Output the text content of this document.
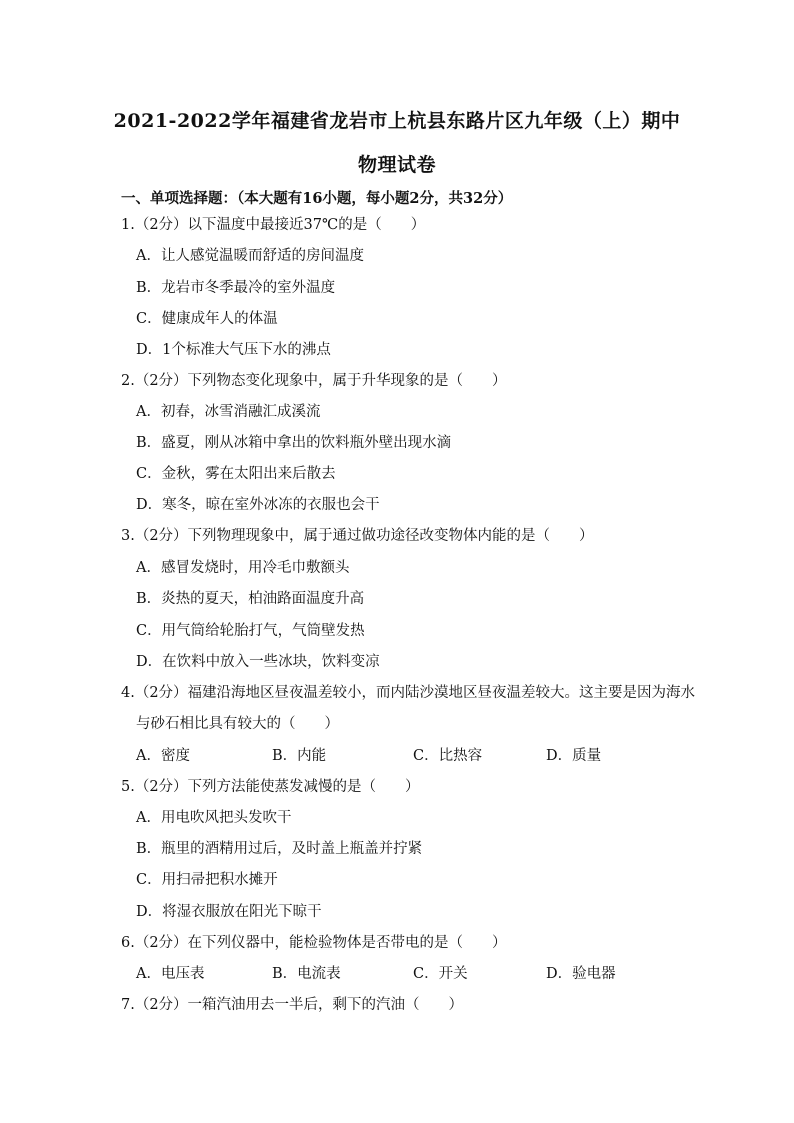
2021-2022学年福建省龙岩市上杭县东路片区九年级（上）期中
物理试卷
一、单项选择题：（本大题有16小题，每小题2分，共32分）
1.（2分）以下温度中最接近37℃的是（　　）
A．让人感觉温暖而舒适的房间温度
B．龙岩市冬季最冷的室外温度
C．健康成年人的体温
D．1个标准大气压下水的沸点
2.（2分）下列物态变化现象中，属于升华现象的是（　　）
A．初春，冰雪消融汇成溪流
B．盛夏，刚从冰箱中拿出的饮料瓶外壁出现水滴
C．金秋，雾在太阳出来后散去
D．寒冬，晾在室外冰冻的衣服也会干
3.（2分）下列物理现象中，属于通过做功途径改变物体内能的是（　　）
A．感冒发烧时，用冷毛巾敷额头
B．炎热的夏天，柏油路面温度升高
C．用气筒给轮胎打气，气筒壁发热
D．在饮料中放入一些冰块，饮料变凉
4.（2分）福建沿海地区昼夜温差较小，而内陆沙漠地区昼夜温差较大。这主要是因为海水
与砂石相比具有较大的（　　）
A．密度	B．内能	C．比热容	D．质量
5.（2分）下列方法能使蒸发减慢的是（　　）
A．用电吹风把头发吹干
B．瓶里的酒精用过后，及时盖上瓶盖并拧紧
C．用扫帚把积水摊开
D．将湿衣服放在阳光下晾干
6.（2分）在下列仪器中，能检验物体是否带电的是（　　）
A．电压表	B．电流表	C．开关	D．验电器
7.（2分）一箱汽油用去一半后，剩下的汽油（　　）
